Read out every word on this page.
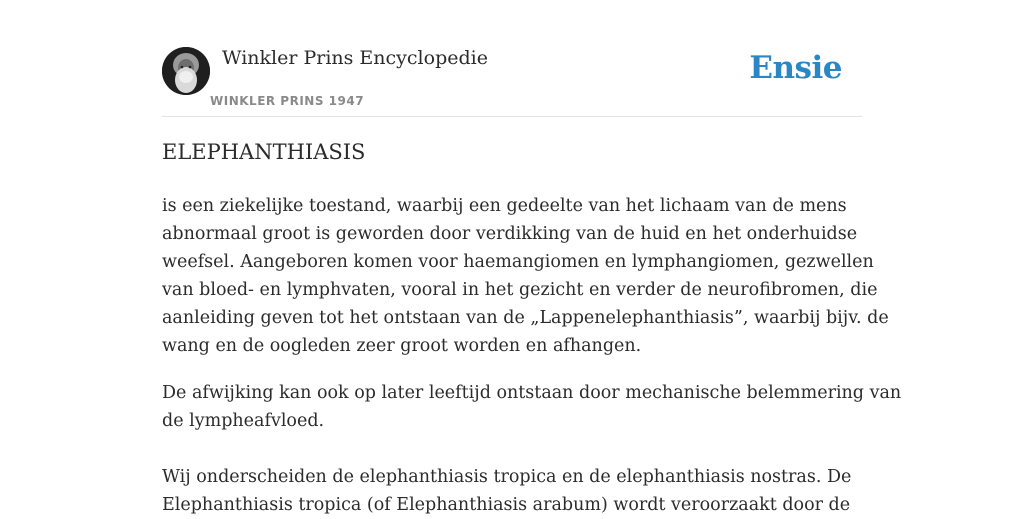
Winkler Prins Encyclopedie
WINKLER PRINS 1947
Ensie
ELEPHANTHIASIS
is een ziekelijke toestand, waarbij een gedeelte van het lichaam van de mens
abnormaal groot is geworden door verdikking van de huid en het onderhuidse
weefsel. Aangeboren komen voor haemangiomen en lymphangiomen, gezwellen
van bloed- en lymphvaten, vooral in het gezicht en verder de neurofibromen, die
aanleiding geven tot het ontstaan van de „Lappenelephanthiasis”, waarbij bijv. de
wang en de oogleden zeer groot worden en afhangen.
De afwijking kan ook op later leeftijd ontstaan door mechanische belemmering van
de lympheafvloed.
Wij onderscheiden de elephanthiasis tropica en de elephanthiasis nostras. De
Elephanthiasis tropica (of Elephanthiasis arabum) wordt veroorzaakt door de
